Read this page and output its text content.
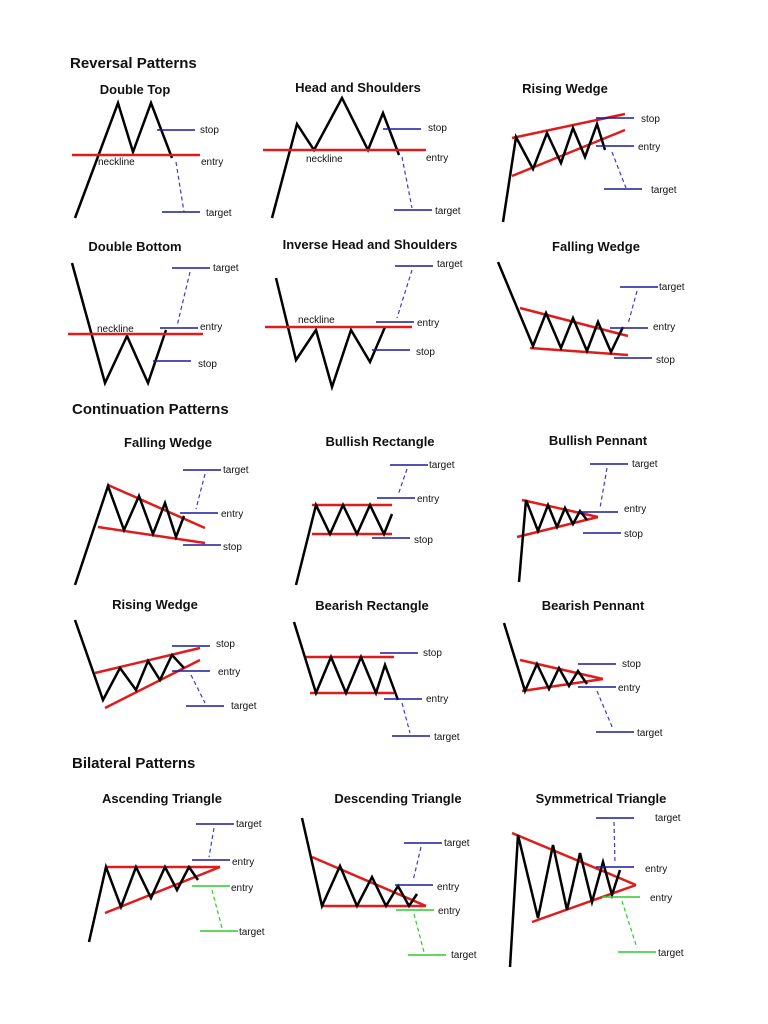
Reversal Patterns
Double Top
stop
neckline	entry
target
Head and Shoulders
stop
neckline	entry
target
Rising Wedge
stop
entry
target
Double Bottom
target
neckline	entry
stop
Inverse Head and Shoulders
target
neckline	entry
stop
Falling Wedge
target
entry
stop
Continuation Patterns
Falling Wedge
target
entry
stop
Bullish Rectangle
target
entry
stop
Bullish Pennant
target
entry
stop
Rising Wedge
stop
entry
target
Bearish Rectangle
stop
entry
target
Bearish Pennant
stop
entry
target
Bilateral Patterns
Ascending Triangle
target
entry
entry
target
Descending Triangle
target
entry
entry
target
Symmetrical Triangle
target
entry
entry
target
